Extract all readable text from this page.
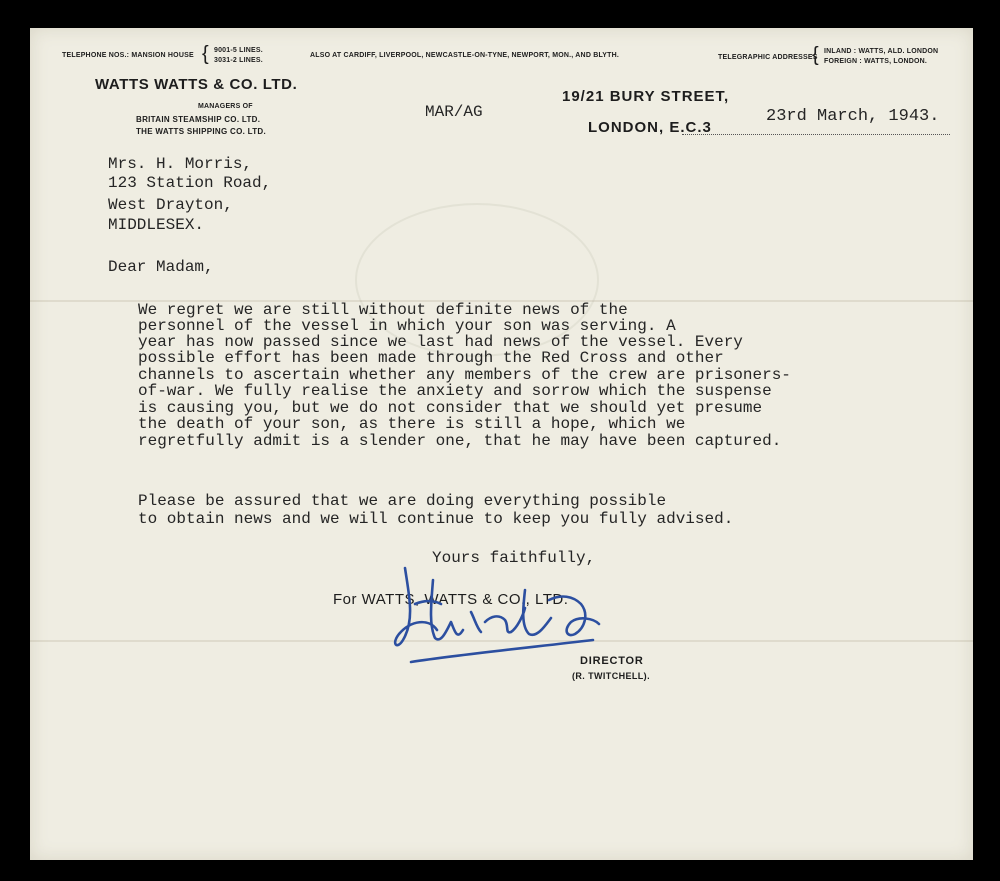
TELEPHONE NOS.: MANSION HOUSE { 9001-5 LINES.
3031-2 LINES.
ALSO AT CARDIFF, LIVERPOOL, NEWCASTLE-ON-TYNE, NEWPORT, MON., AND BLYTH.	TELEGRAPHIC ADDRESSES
{ INLAND : WATTS, ALD. LONDON
FOREIGN : WATTS, LONDON.
WATTS WATTS & CO. LTD.
MANAGERS OF
BRITAIN STEAMSHIP CO. LTD.
THE WATTS SHIPPING CO. LTD.
MAR/AG
19/21 BURY STREET,
LONDON, E.C.3
23rd March, 1943.
Mrs. H. Morris,
123 Station Road,
West Drayton,
MIDDLESEX.
Dear Madam,
We regret we are still without definite news of the
personnel of the vessel in which your son was serving. A
year has now passed since we last had news of the vessel. Every
possible effort has been made through the Red Cross and other
channels to ascertain whether any members of the crew are prisoners-
of-war. We fully realise the anxiety and sorrow which the suspense
is causing you, but we do not consider that we should yet presume
the death of your son, as there is still a hope, which we
regretfully admit is a slender one, that he may have been captured.
Please be assured that we are doing everything possible
to obtain news and we will continue to keep you fully advised.
Yours faithfully,
For WATTS, WATTS & CO., LTD.
DIRECTOR
(R. TWITCHELL).
